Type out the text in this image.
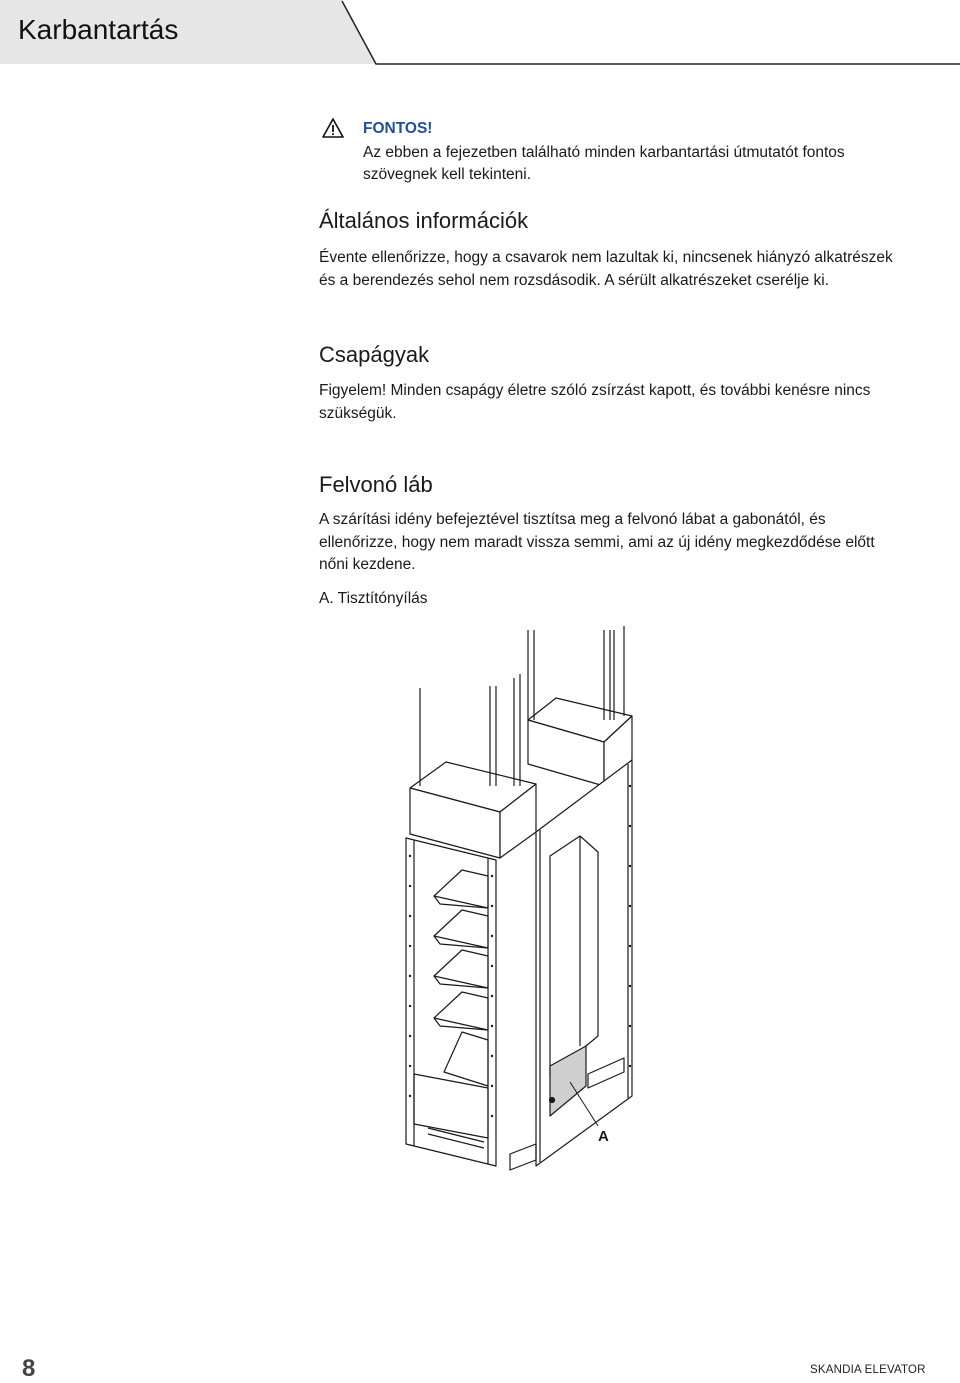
Karbantartás
FONTOS!
Az ebben a fejezetben található minden karbantartási útmutatót fontos szövegnek kell tekinteni.
Általános információk

Évente ellenőrizze, hogy a csavarok nem lazultak ki, nincsenek hiányzó alkatrészek és a berendezés sehol nem rozsdásodik. A sérült alkatrészeket cserélje ki.

Csapágyak

Figyelem! Minden csapágy életre szóló zsírzást kapott, és további kenésre nincs szükségük.

Felvonó láb

A szárítási idény befejeztével tisztítsa meg a felvonó lábat a gabonától, és ellenőrizze, hogy nem maradt vissza semmi, ami az új idény megkezdődése előtt nőni kezdene.

A. Tisztítónyílás

A
8	SKANDIA ELEVATOR
